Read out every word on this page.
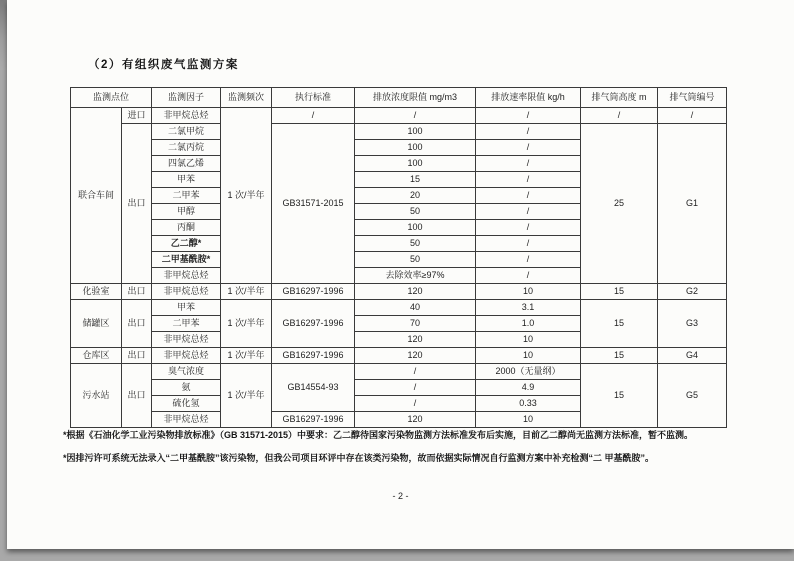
（2）有组织废气监测方案
监测点位		监测因子	监测频次	执行标准	排放浓度限值 mg/m3	排放速率限值 kg/h	排气筒高度 m	排气筒编号
联合车间	进口	非甲烷总烃	1 次/半年	/	/	/	/	/
	出口	二氯甲烷		GB31571-2015	100	/	25	G1
		二氯丙烷			100	/		
		四氯乙烯			100	/		
		甲苯			15	/		
		二甲苯			20	/		
		甲醇			50	/		
		丙酮			100	/		
		乙二醇*			50	/		
		二甲基酰胺*			50	/		
		非甲烷总烃			去除效率≥97%	/		
化验室	出口	非甲烷总烃	1 次/半年	GB16297-1996	120	10	15	G2
储罐区	出口	甲苯	1 次/半年	GB16297-1996	40	3.1	15	G3
		二甲苯			70	1.0		
		非甲烷总烃			120	10		
仓库区	出口	非甲烷总烃	1 次/半年	GB16297-1996	120	10	15	G4
污水站	出口	臭气浓度	1 次/半年	GB14554-93	/	2000（无量纲）	15	G5
		氨			/	4.9		
		硫化氢			/	0.33		
		非甲烷总烃		GB16297-1996	120	10		
*根据《石油化学工业污染物排放标准》（GB 31571-2015）中要求：乙二醇待国家污染物监测方法标准发布后实施，目前乙二醇尚无监测方法标准，暂不监测。
*因排污许可系统无法录入“二甲基酰胺”该污染物，但我公司项目环评中存在该类污染物，故而依据实际情况自行监测方案中补充检测“二 甲基酰胺”。
- 2 -
